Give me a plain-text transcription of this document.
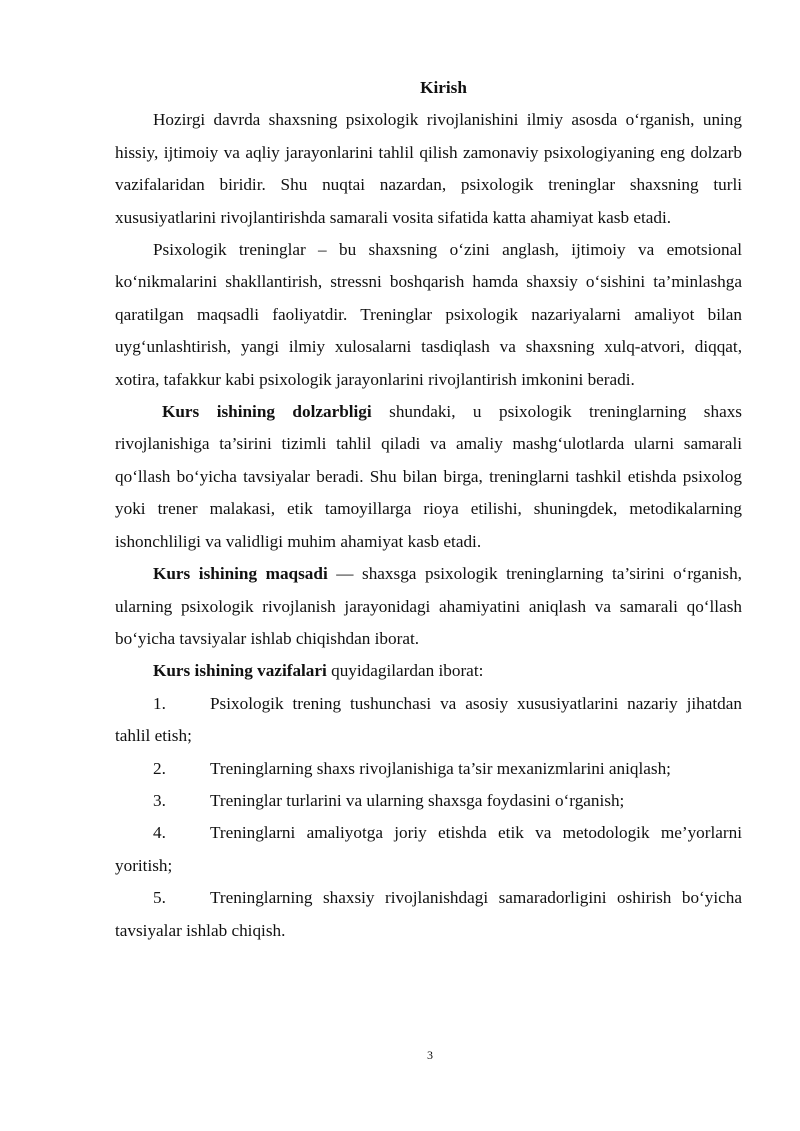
Kirish

Hozirgi davrda shaxsning psixologik rivojlanishini ilmiy asosda o‘rganish, uning hissiy, ijtimoiy va aqliy jarayonlarini tahlil qilish zamonaviy psixologiyaning eng dolzarb vazifalaridan biridir. Shu nuqtai nazardan, psixologik treninglar shaxsning turli xususiyatlarini rivojlantirishda samarali vosita sifatida katta ahamiyat kasb etadi.

Psixologik treninglar – bu shaxsning o‘zini anglash, ijtimoiy va emotsional ko‘nikmalarini shakllantirish, stressni boshqarish hamda shaxsiy o‘sishini ta’minlashga qaratilgan maqsadli faoliyatdir. Treninglar psixologik nazariyalarni amaliyot bilan uyg‘unlashtirish, yangi ilmiy xulosalarni tasdiqlash va shaxsning xulq-atvori, diqqat, xotira, tafakkur kabi psixologik jarayonlarini rivojlantirish imkonini beradi.

Kurs ishining dolzarbligi shundaki, u psixologik treninglarning shaxs rivojlanishiga ta’sirini tizimli tahlil qiladi va amaliy mashg‘ulotlarda ularni samarali qo‘llash bo‘yicha tavsiyalar beradi. Shu bilan birga, treninglarni tashkil etishda psixolog yoki trener malakasi, etik tamoyillarga rioya etilishi, shuningdek, metodikalarning ishonchliligi va validligi muhim ahamiyat kasb etadi.

Kurs ishining maqsadi — shaxsga psixologik treninglarning ta’sirini o‘rganish, ularning psixologik rivojlanish jarayonidagi ahamiyatini aniqlash va samarali qo‘llash bo‘yicha tavsiyalar ishlab chiqishdan iborat.

Kurs ishining vazifalari quyidagilardan iborat:

1.	Psixologik trening tushunchasi va asosiy xususiyatlarini nazariy jihatdan tahlil etish;

2.	Treninglarning shaxs rivojlanishiga ta’sir mexanizmlarini aniqlash;

3.	Treninglar turlarini va ularning shaxsga foydasini o‘rganish;

4.	Treninglarni amaliyotga joriy etishda etik va metodologik me’yorlarni yoritish;

5.	Treninglarning shaxsiy rivojlanishdagi samaradorligini oshirish bo‘yicha tavsiyalar ishlab chiqish.

3
